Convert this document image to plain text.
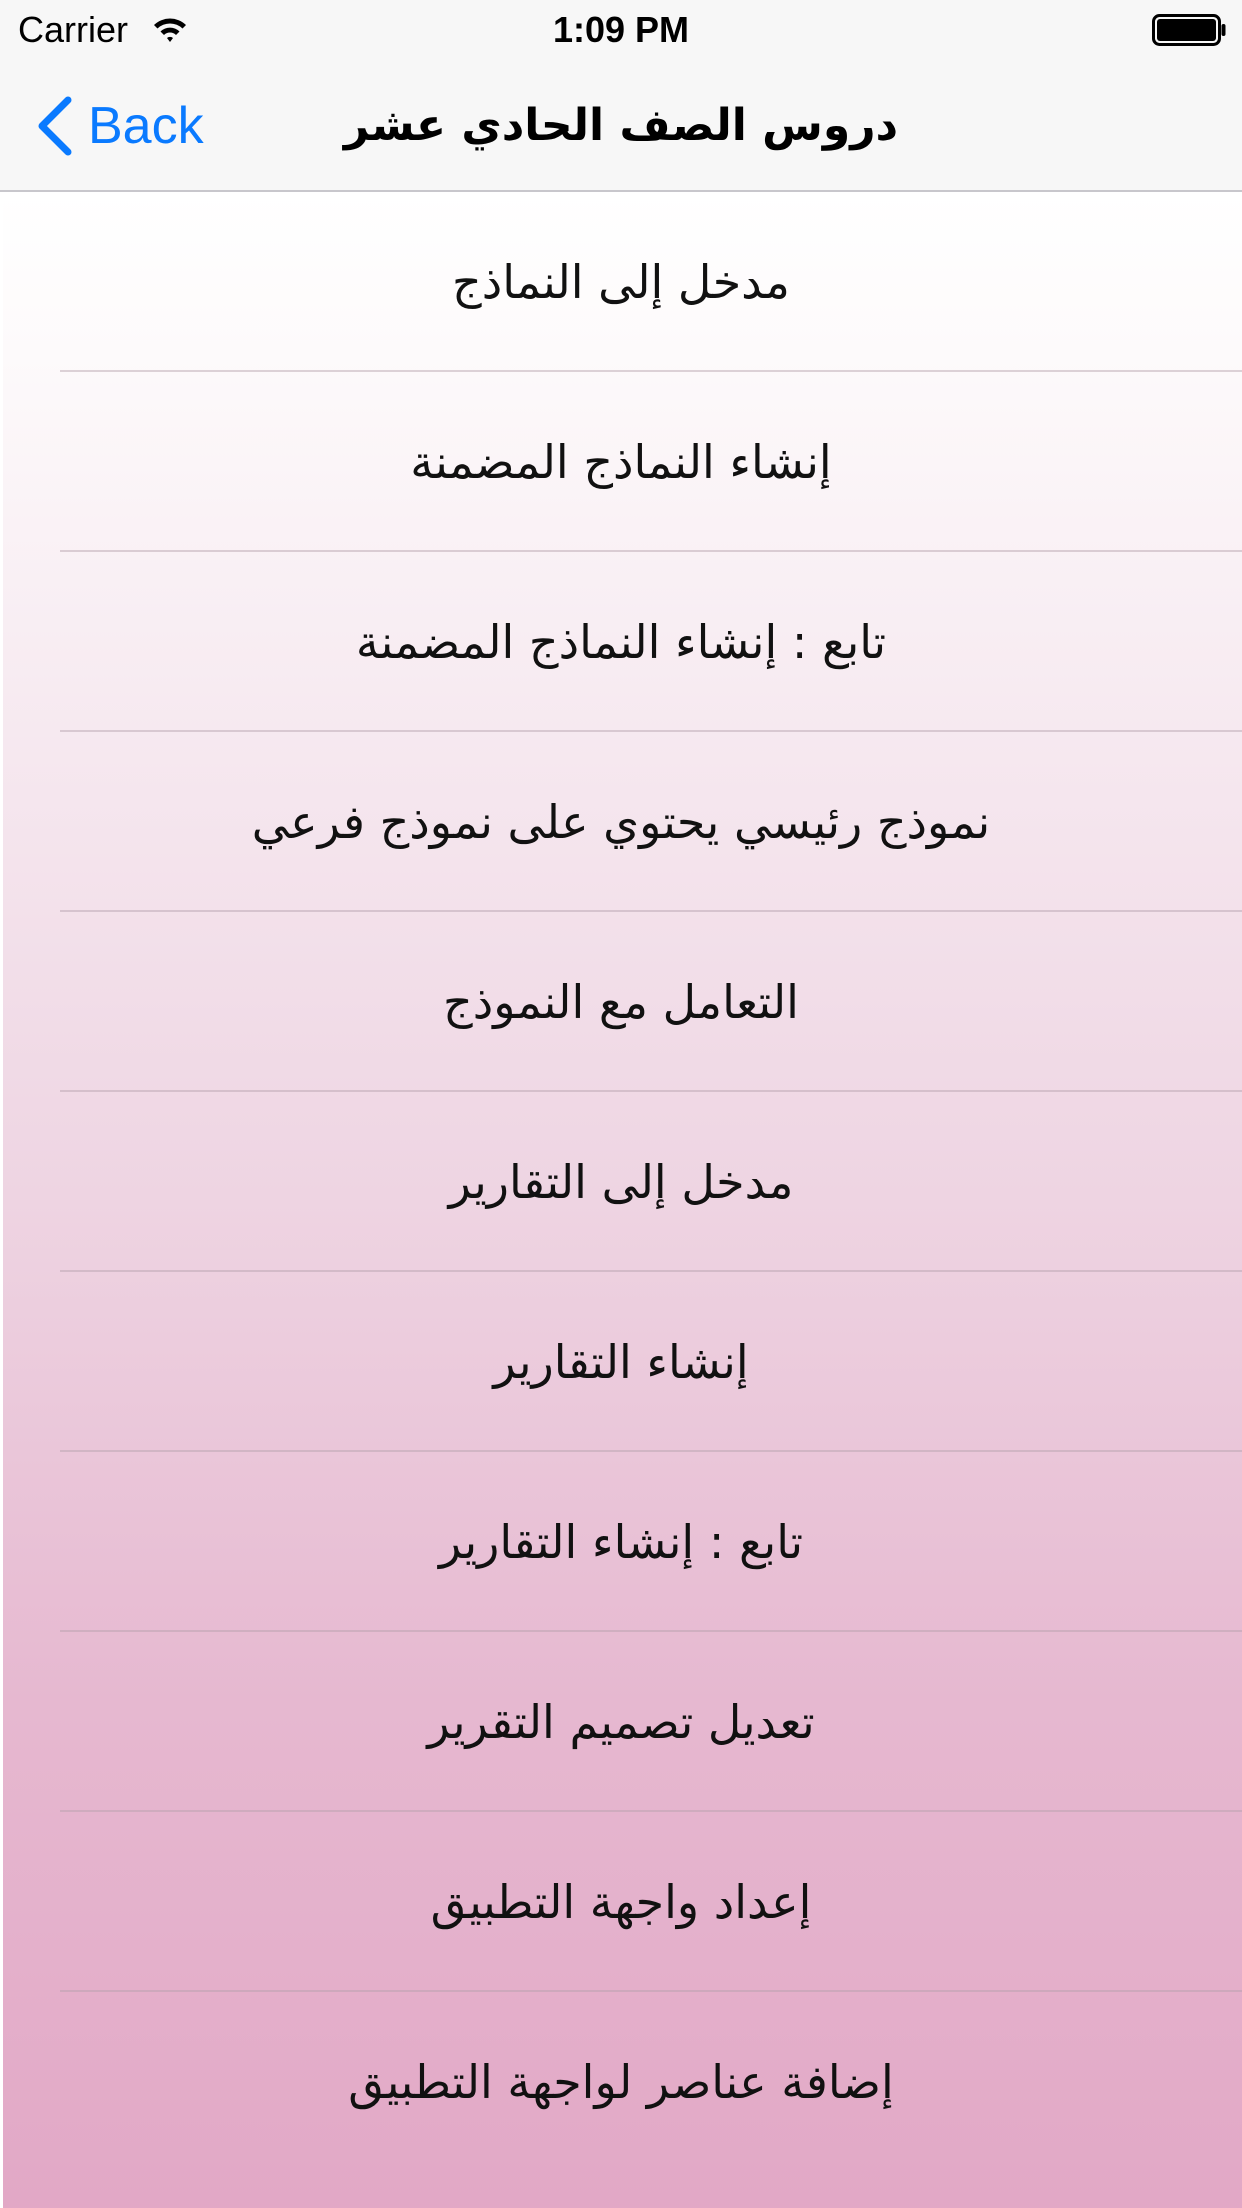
Carrier	1:09 PM
Back	دروس الصف الحادي عشر
مدخل إلى النماذج
إنشاء النماذج المضمنة
تابع : إنشاء النماذج المضمنة
نموذج رئيسي يحتوي على نموذج فرعي
التعامل مع النموذج
مدخل إلى التقارير
إنشاء التقارير
تابع : إنشاء التقارير
تعديل تصميم التقرير
إعداد واجهة التطبيق
إضافة عناصر لواجهة التطبيق
